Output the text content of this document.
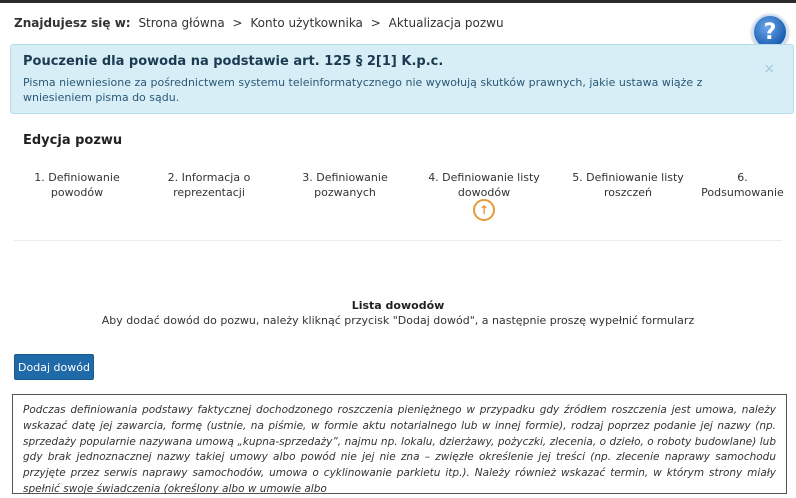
Znajdujesz się w: Strona główna > Konto użytkownika > Aktualizacja pozwu	?
Pouczenie dla powoda na podstawie art. 125 § 2[1] K.p.c.
Pisma niewniesione za pośrednictwem systemu teleinformatycznego nie wywołują skutków prawnych, jakie ustawa wiąże z wniesieniem pisma do sądu.
×
Edycja pozwu
1. Definiowanie
powodów
2. Informacja o
reprezentacji
3. Definiowanie
pozwanych
4. Definiowanie listy
dowodów
5. Definiowanie listy
roszczeń
6.
Podsumowanie
↑
Lista dowodów
Aby dodać dowód do pozwu, należy kliknąć przycisk "Dodaj dowód", a następnie proszę wypełnić formularz
Dodaj dowód
Podczas definiowania podstawy faktycznej dochodzonego roszczenia pieniężnego w przypadku gdy źródłem roszczenia jest umowa, należy wskazać datę jej zawarcia, formę (ustnie, na piśmie, w formie aktu notarialnego lub w innej formie), rodzaj poprzez podanie jej nazwy (np. sprzedaży popularnie nazywana umową „kupna-sprzedaży”, najmu np. lokalu, dzierżawy, pożyczki, zlecenia, o dzieło, o roboty budowlane) lub gdy brak jednoznacznej nazwy takiej umowy albo powód nie jej nie zna – zwięzłe określenie jej treści (np. zlecenie naprawy samochodu przyjęte przez serwis naprawy samochodów, umowa o cyklinowanie parkietu itp.). Należy również wskazać termin, w którym strony miały spełnić swoje świadczenia (określony albo w umowie albo
